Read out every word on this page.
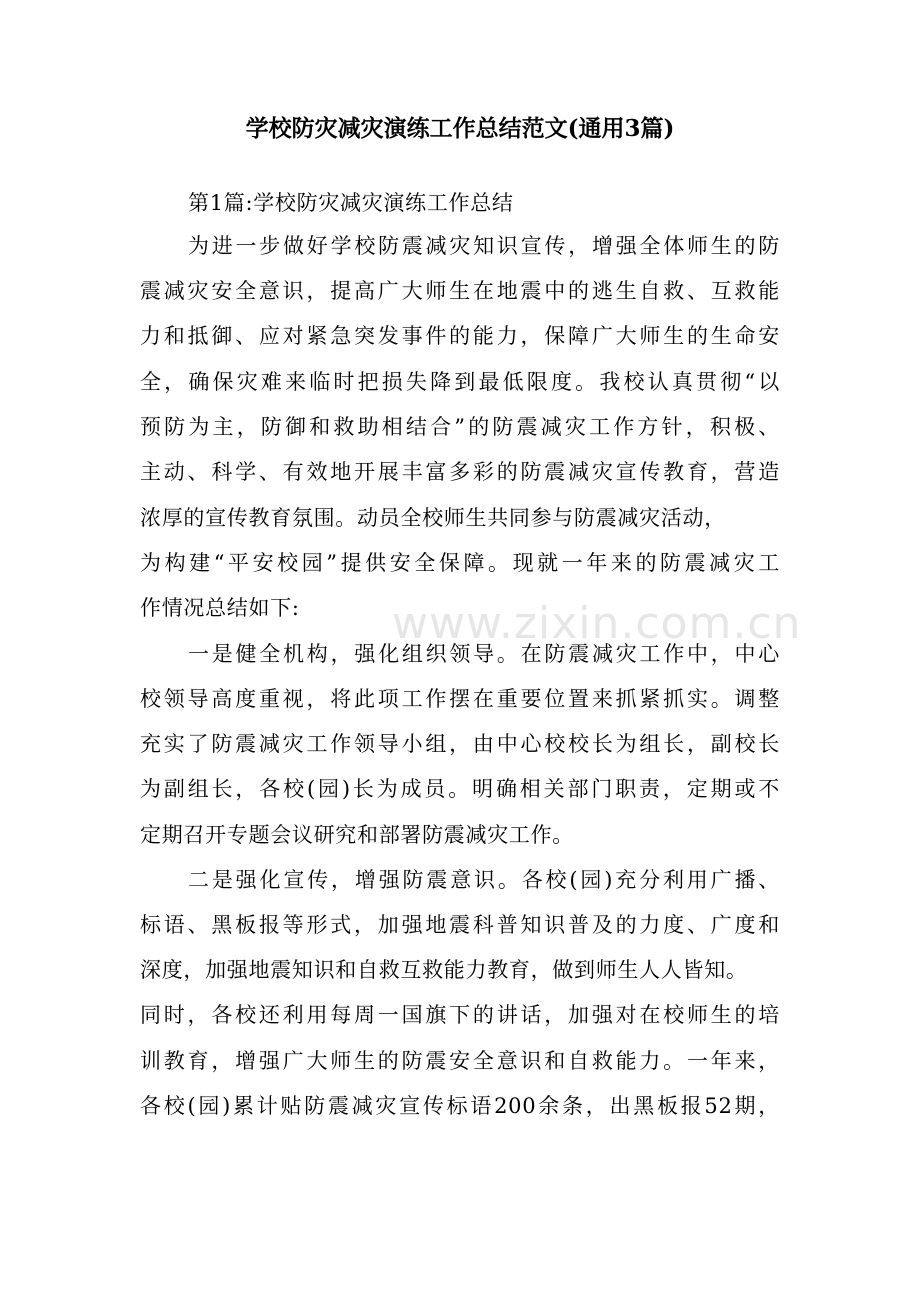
www.zixin.com.cn
学校防灾减灾演练工作总结范文(通用3篇)
第1篇:学校防灾减灾演练工作总结
为进一步做好学校防震减灾知识宣传，增强全体师生的防
震减灾安全意识，提高广大师生在地震中的逃生自救、互救能
力和抵御、应对紧急突发事件的能力，保障广大师生的生命安
全，确保灾难来临时把损失降到最低限度。我校认真贯彻“以
预防为主，防御和救助相结合”的防震减灾工作方针，积极、
主动、科学、有效地开展丰富多彩的防震减灾宣传教育，营造
浓厚的宣传教育氛围。动员全校师生共同参与防震减灾活动，
为构建“平安校园”提供安全保障。现就一年来的防震减灾工
作情况总结如下:
一是健全机构，强化组织领导。在防震减灾工作中，中心
校领导高度重视，将此项工作摆在重要位置来抓紧抓实。调整
充实了防震减灾工作领导小组，由中心校校长为组长，副校长
为副组长，各校(园)长为成员。明确相关部门职责，定期或不
定期召开专题会议研究和部署防震减灾工作。
二是强化宣传，增强防震意识。各校(园)充分利用广播、
标语、黑板报等形式，加强地震科普知识普及的力度、广度和
深度，加强地震知识和自救互救能力教育，做到师生人人皆知。
同时，各校还利用每周一国旗下的讲话，加强对在校师生的培
训教育，增强广大师生的防震安全意识和自救能力。一年来，
各校(园)累计贴防震减灾宣传标语200余条，出黑板报52期，
